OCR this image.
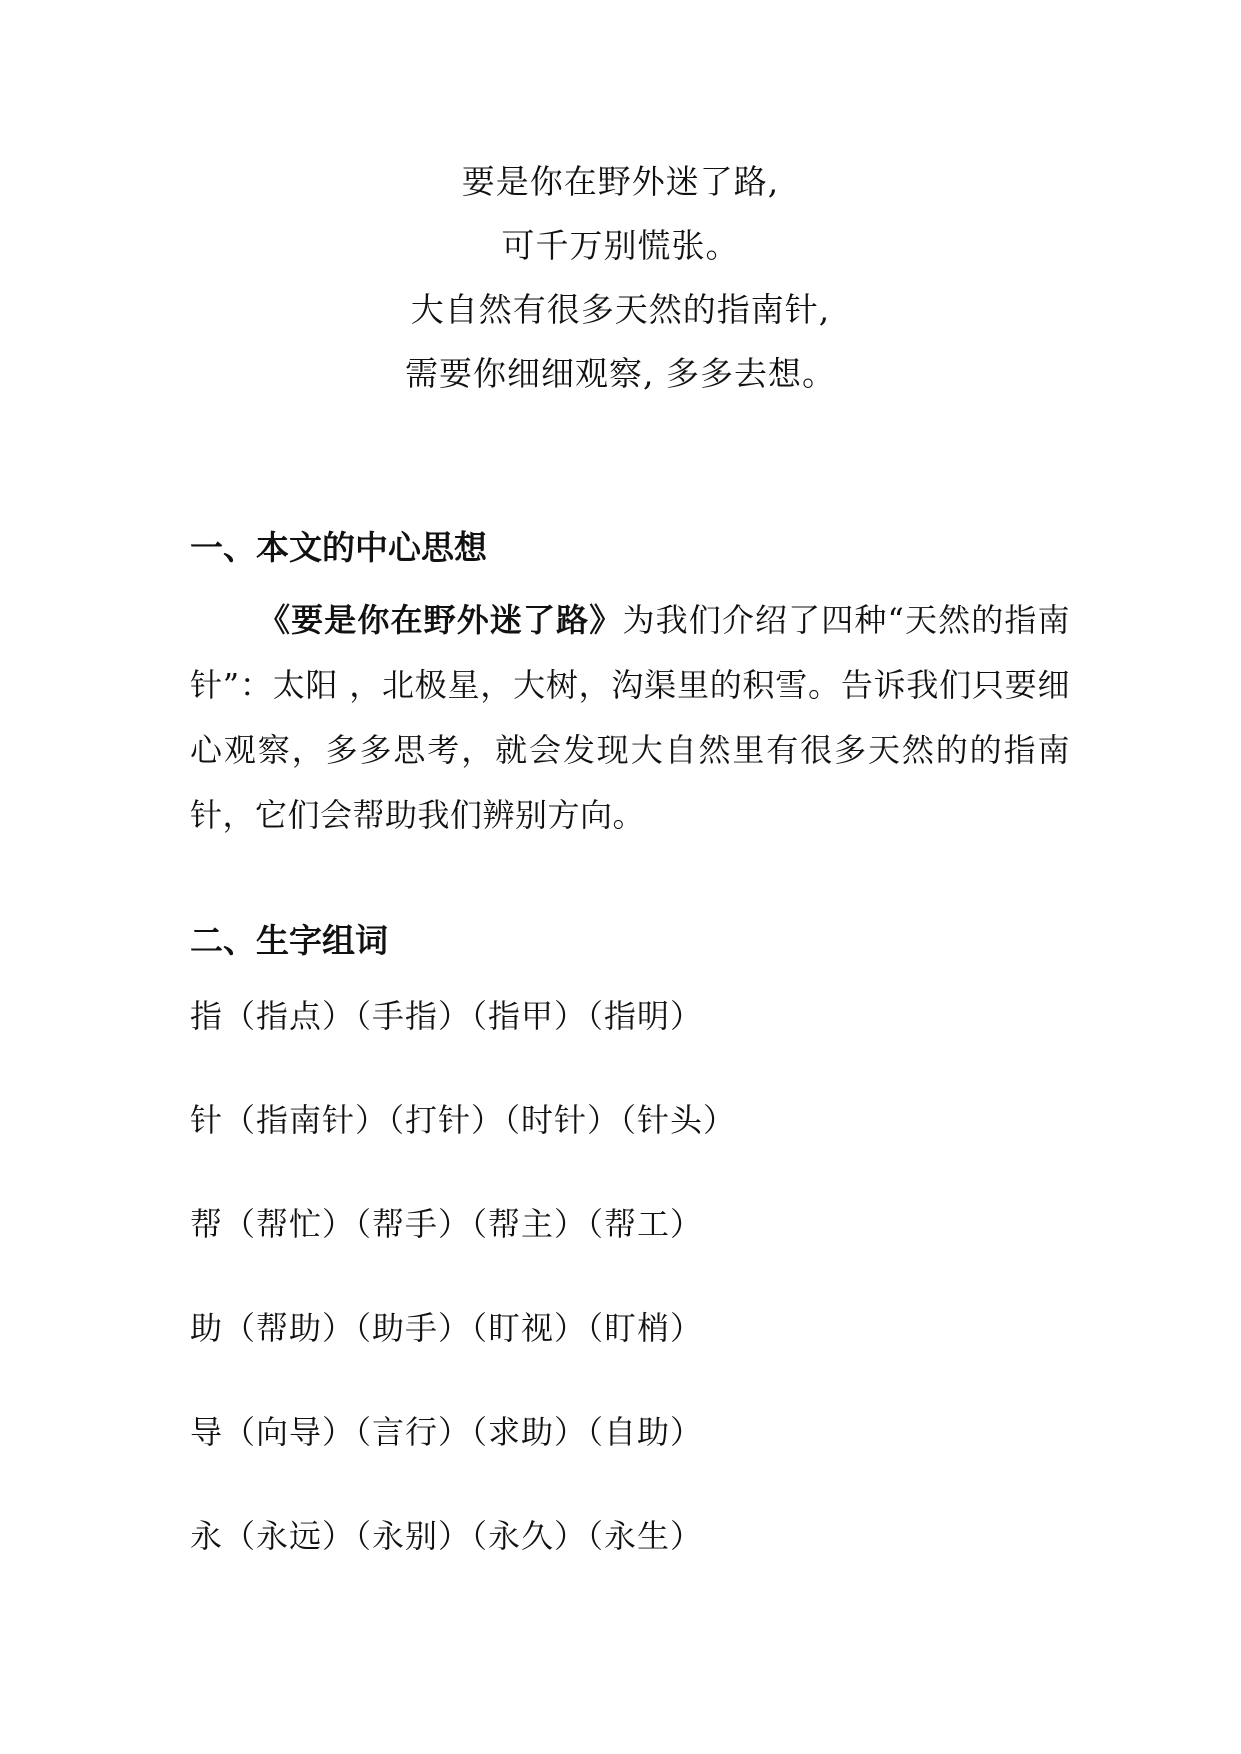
要是你在野外迷了路,
可千万别慌张。
大自然有很多天然的指南针,
需要你细细观察, 多多去想。
一、本文的中心思想

《要是你在野外迷了路》为我们介绍了四种“天然的指南针”：太阳 ，北极星，大树，沟渠里的积雪。告诉我们只要细心观察，多多思考，就会发现大自然里有很多天然的的指南针，它们会帮助我们辨别方向。

二、生字组词
指（指点）（手指）（指甲）（指明）
针（指南针）（打针）（时针）（针头）
帮（帮忙）（帮手）（帮主）（帮工）
助（帮助）（助手）（盯视）（盯梢）
导（向导）（言行）（求助）（自助）
永（永远）（永别）（永久）（永生）
